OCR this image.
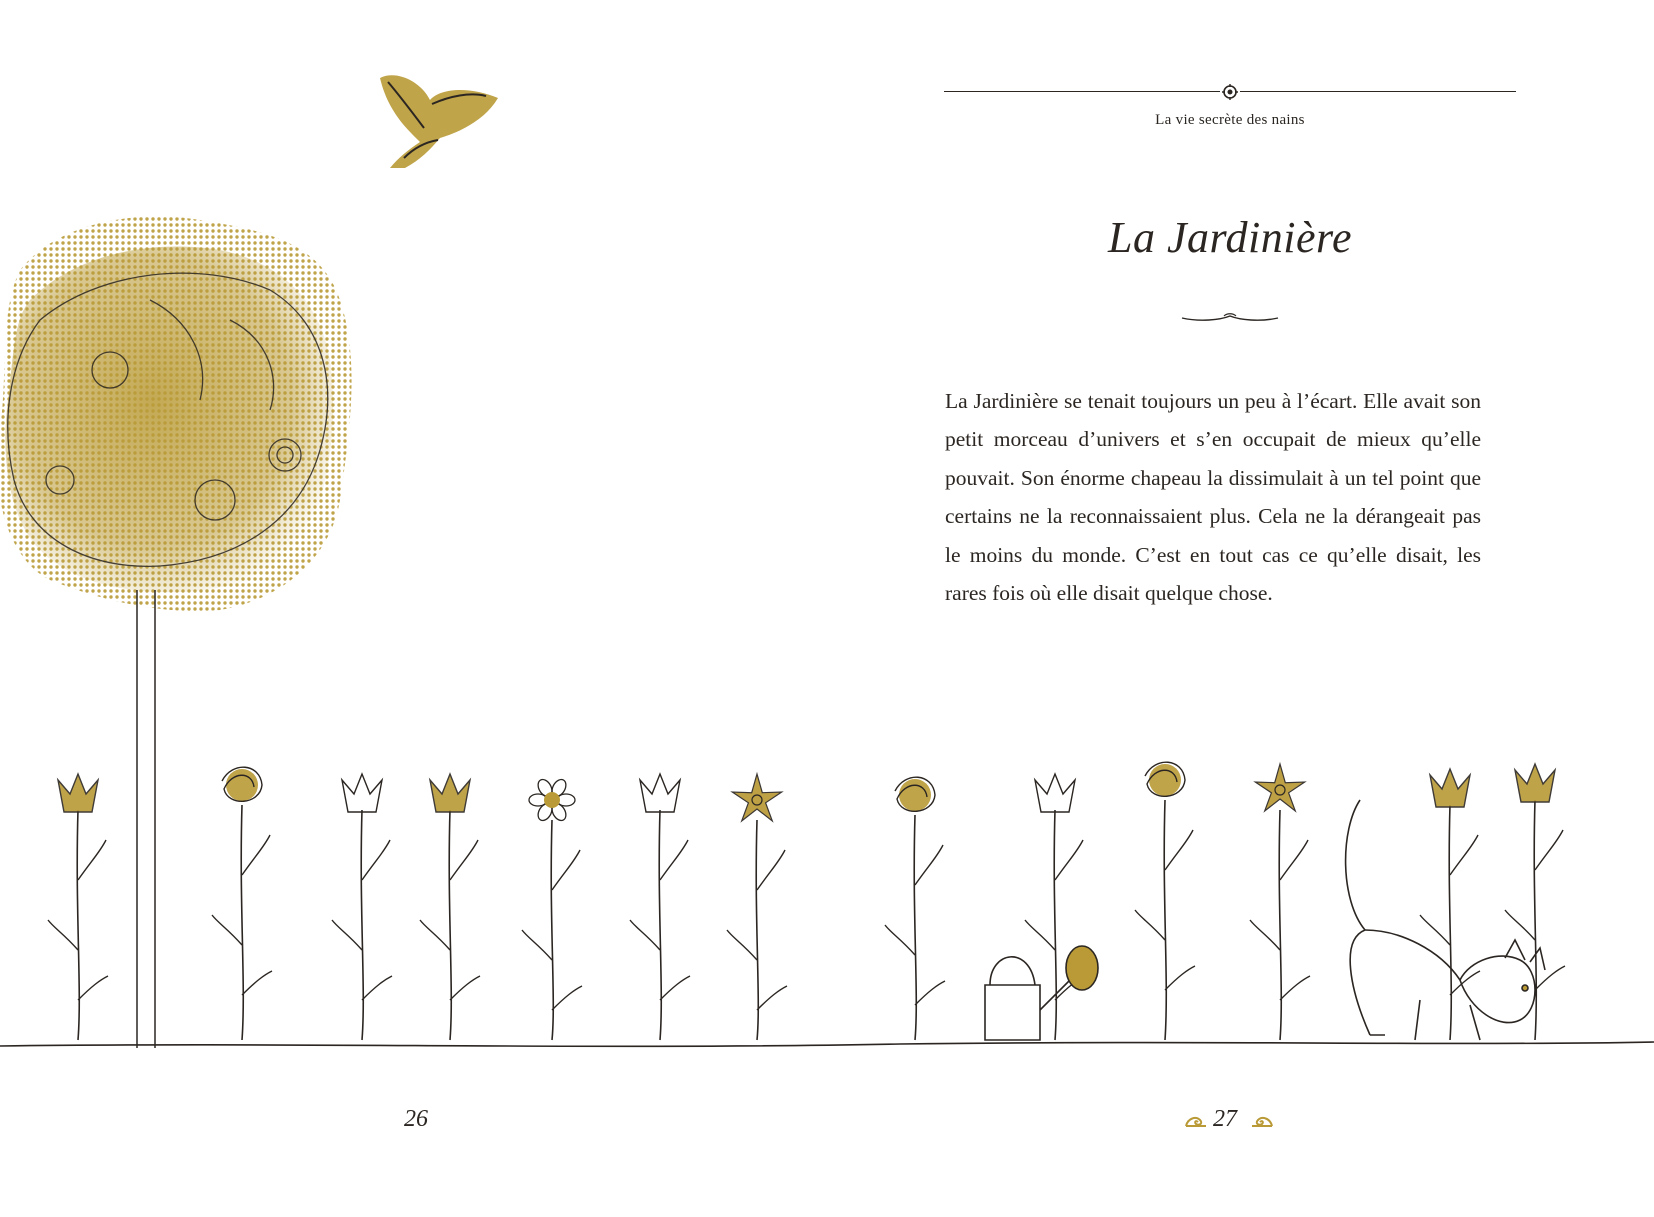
La vie secrète des nains
La Jardinière

La Jardinière se tenait toujours un peu à l’écart. Elle avait son petit morceau d’univers et s’en occupait de mieux qu’elle pouvait. Son énorme chapeau la dissimulait à un tel point que certains ne la reconnaissaient plus. Cela ne la dérangeait pas le moins du monde. C’est en tout cas ce qu’elle disait, les rares fois où elle disait quelque chose.

26	27
